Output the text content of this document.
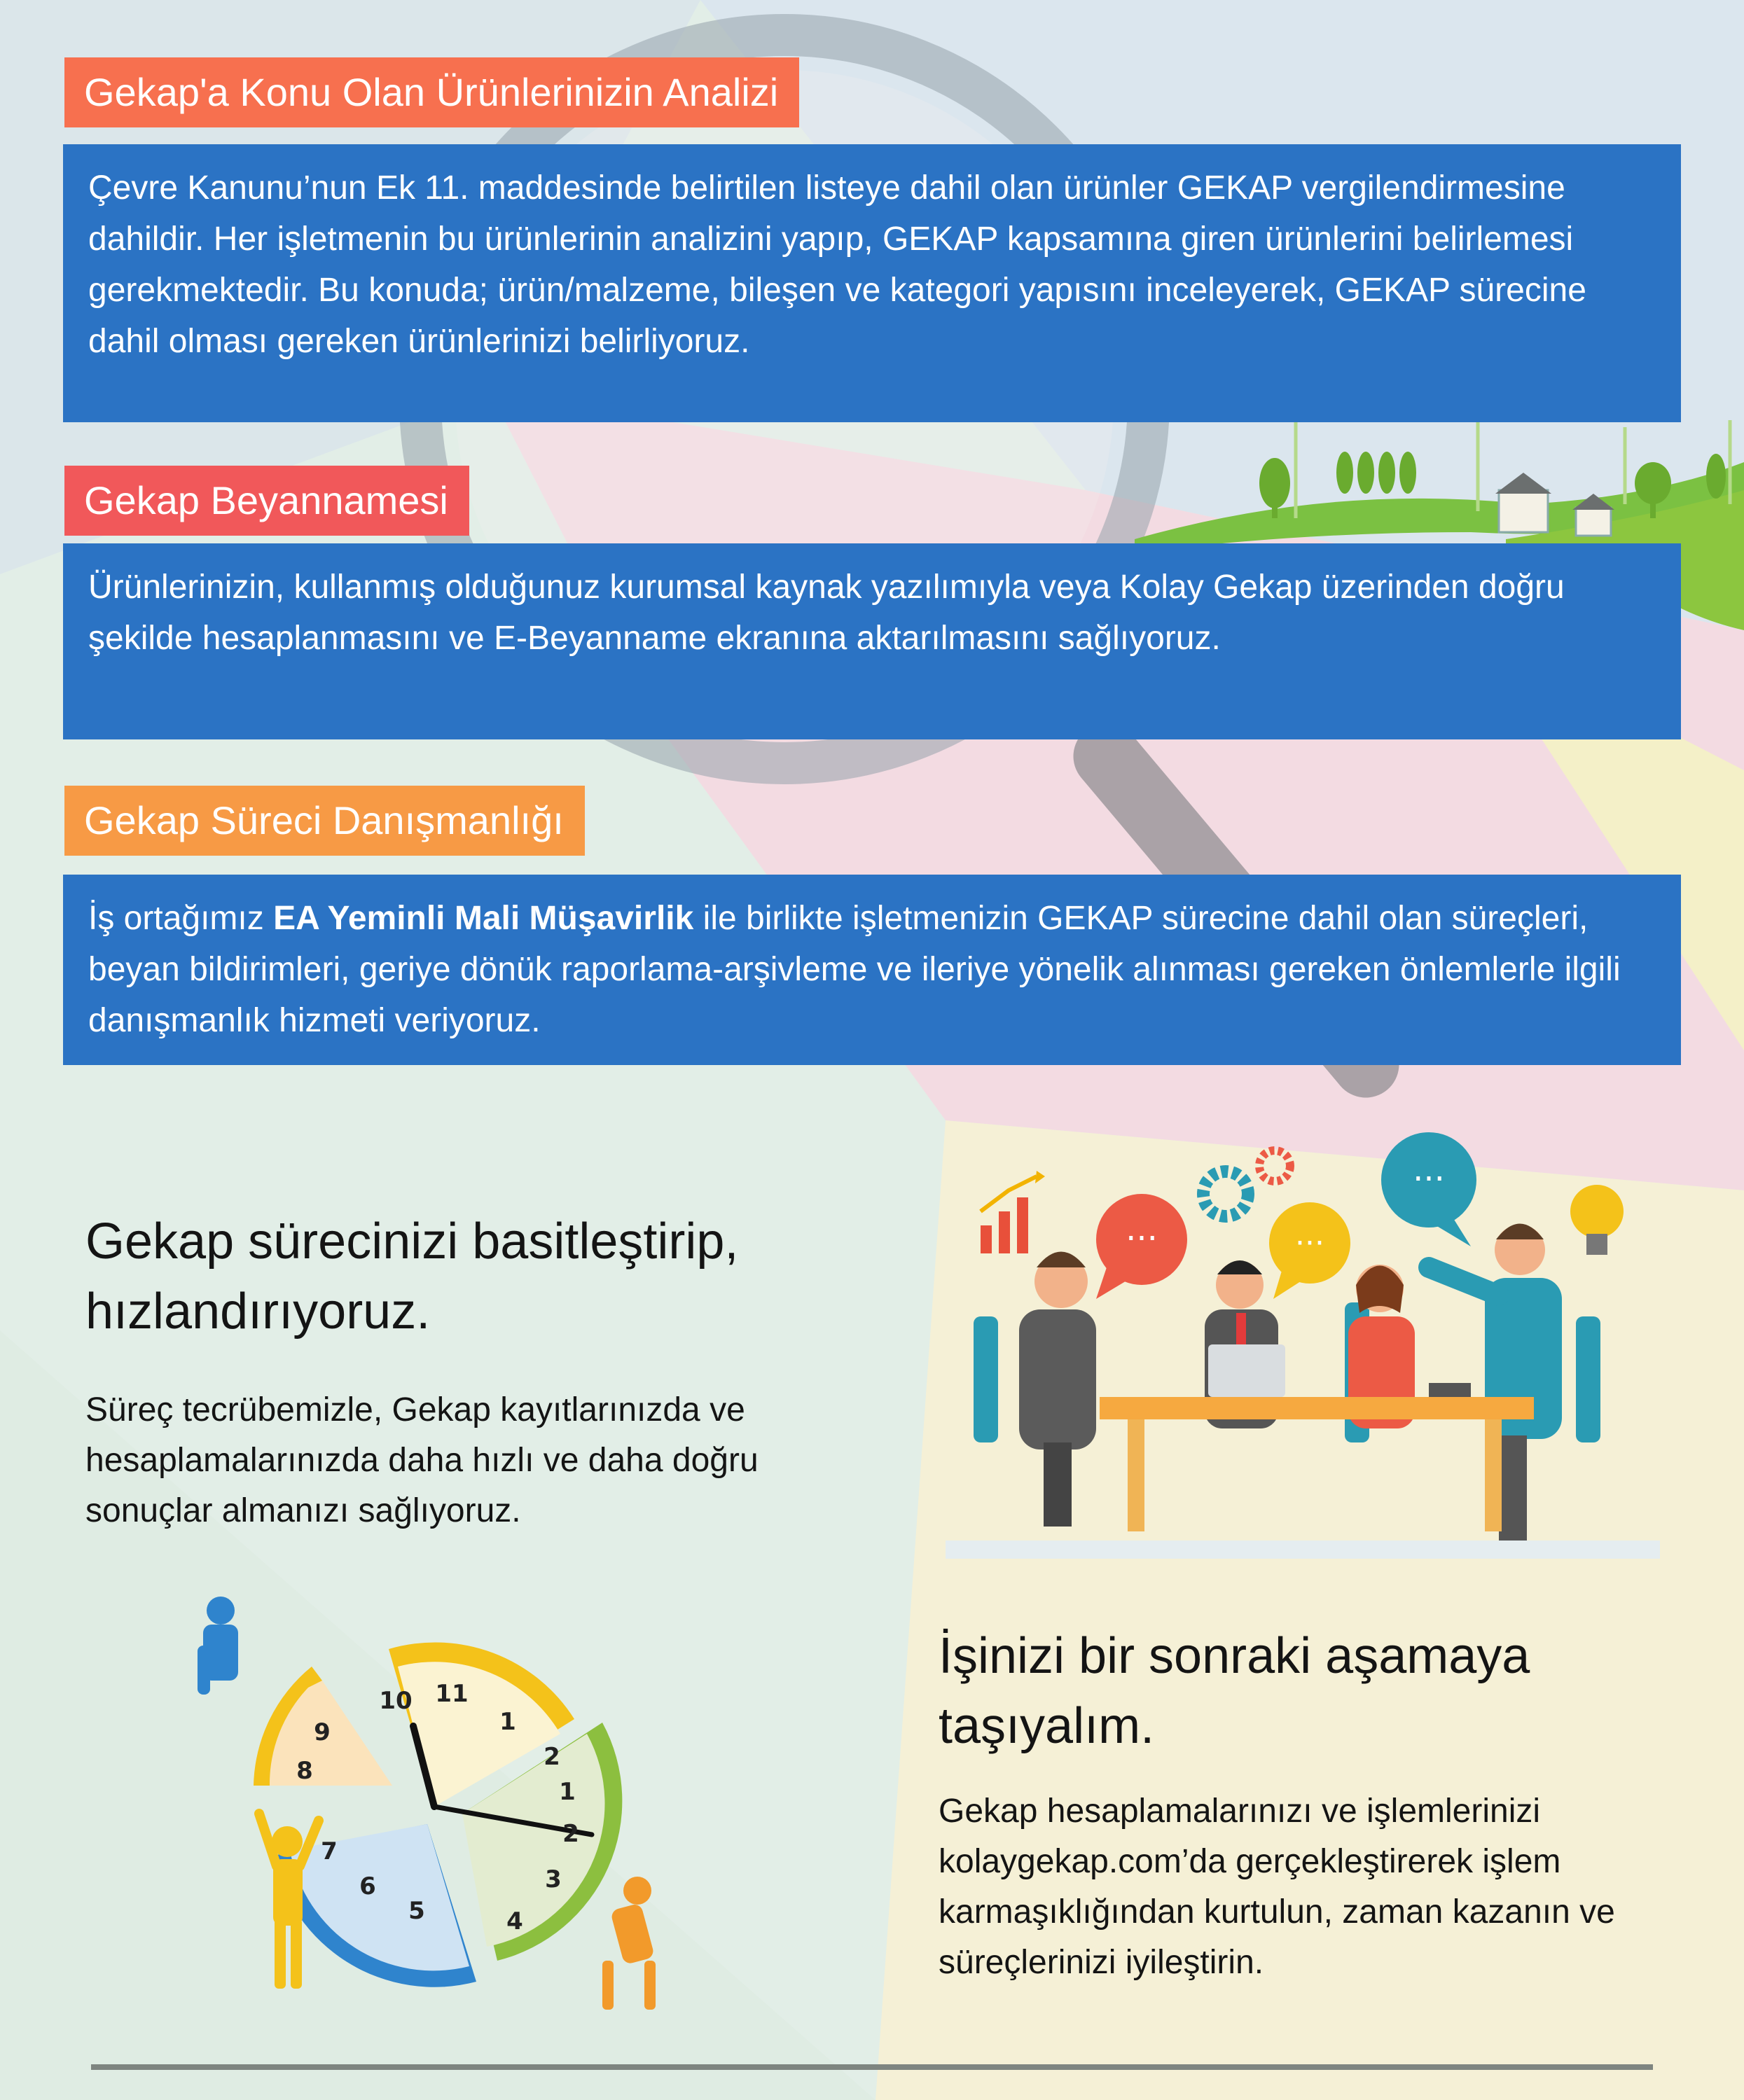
Gekap'a Konu Olan Ürünlerinizin Analizi

Çevre Kanunu’nun Ek 11. maddesinde belirtilen listeye dahil olan ürünler GEKAP vergilendirmesine dahildir. Her işletmenin bu ürünlerinin analizini yapıp, GEKAP kapsamına giren ürünlerini belirlemesi gerekmektedir. Bu konuda; ürün/malzeme, bileşen ve kategori yapısını inceleyerek, GEKAP sürecine dahil olması gereken ürünlerinizi belirliyoruz.

Gekap Beyannamesi

Ürünlerinizin, kullanmış olduğunuz kurumsal kaynak yazılımıyla veya Kolay Gekap üzerinden doğru şekilde hesaplanmasını ve E-Beyanname ekranına aktarılmasını sağlıyoruz.

Gekap Süreci Danışmanlığı

İş ortağımız EA Yeminli Mali Müşavirlik ile birlikte işletmenizin GEKAP sürecine dahil olan süreçleri, beyan bildirimleri, geriye dönük raporlama-arşivleme ve ileriye yönelik alınması gereken önlemlerle ilgili danışmanlık hizmeti veriyoruz.

Gekap sürecinizi basitleştirip, hızlandırıyoruz.
Süreç tecrübemizle, Gekap kayıtlarınızda ve hesaplamalarınızda daha hızlı ve daha doğru sonuçlar almanızı sağlıyoruz.
İşinizi bir sonraki aşamaya taşıyalım.
Gekap hesaplamalarınızı ve işlemlerinizi kolaygekap.com’da gerçekleştirerek işlem karmaşıklığından kurtulun, zaman kazanın ve süreçlerinizi iyileştirin.
···	···
···
10 11
1
2
1
2
3
4
5
6
7
8
9
